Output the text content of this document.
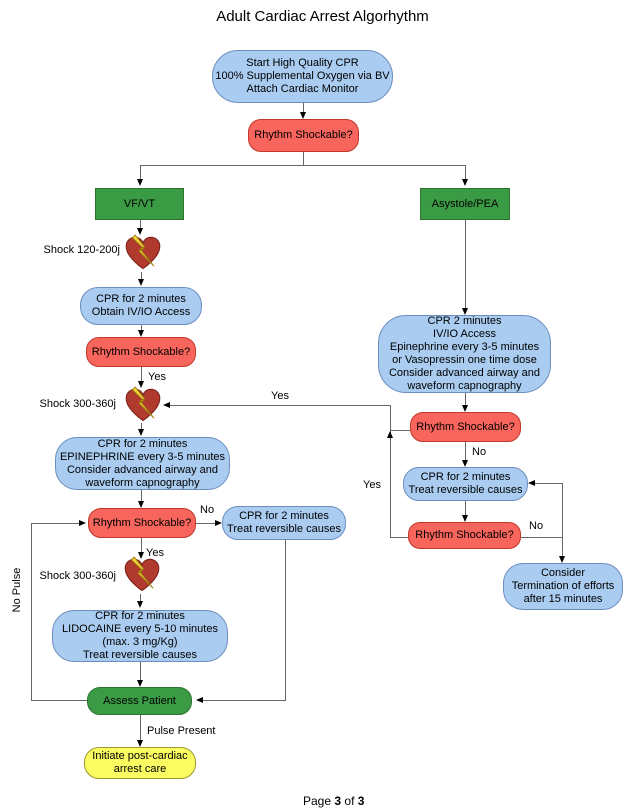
Adult Cardiac Arrest Algorhythm
Start High Quality CPR
100% Supplemental Oxygen via BV
Attach Cardiac Monitor
Rhythm Shockable?
VF/VT	Asystole/PEA
Shock 120-200j
CPR for 2 minutes
Obtain IV/IO Access
Rhythm Shockable?
Shock 300-360j
CPR for 2 minutes
EPINEPHRINE every 3-5 minutes
Consider advanced airway and
waveform capnography
Rhythm Shockable?
CPR for 2 minutes
Treat reversible causes
Shock 300-360j
CPR for 2 minutes
LIDOCAINE every 5-10 minutes
(max. 3 mg/Kg)
Treat reversible causes
Assess Patient
Initiate post-cardiac
arrest care
CPR 2 minutes
IV/IO Access
Epinephrine every 3-5 minutes
or Vasopressin one time dose
Consider advanced airway and
waveform capnography
Rhythm Shockable?
CPR for 2 minutes
Treat reversible causes
Rhythm Shockable?
Consider
Termination of efforts
after 15 minutes
Yes
Yes
No
Yes
Yes
No
No
Pulse Present
No Pulse
Page 3 of 3
